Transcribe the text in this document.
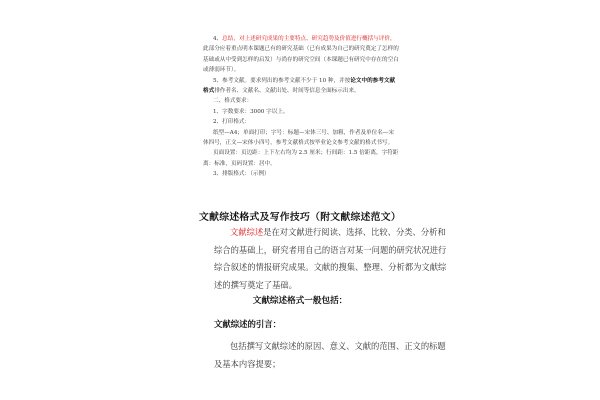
4、总结，对上述研究成果的主要特点、研究趋势及价值进行概括与评价，

此部分应着重点明本课题已有的研究基础（已有成果为自己的研究奠定了怎样的

基础或从中受到怎样的启发）与尚存的研究空间（本课题已有研究中存在的空白

或薄弱环节）。

5、参考文献。要求列出的参考文献不少于 10 种，并按论文中的参考文献

格式排作者名、文献名、文献出处、时间等信息全面标示出来。

二、格式要求：

1、字数要求：3000 字以上。

2、打印格式：

纸型—A4；单面打印；字号：标题—宋体三号、加粗，作者及单位名—宋

体四号，正文—宋体小四号，参考文献格式按毕业论文参考文献的格式书写。

页面设置：页边距：上下左右均为 2.5 厘米；行间距：1.5 倍距离，字符距

离：标准，页码设置：居中。

3、排版格式：（示例）

文献综述格式及写作技巧（附文献综述范文）

文献综述是在对文献进行阅读、选择、比较、分类、分析和

综合的基础上，研究者用自己的语言对某一问题的研究状况进行

综合叙述的情报研究成果。文献的搜集、整理、分析都为文献综

述的撰写奠定了基础。

文献综述格式一般包括：
文献综述的引言：

包括撰写文献综述的原因、意义、文献的范围、正文的标题

及基本内容提要；
